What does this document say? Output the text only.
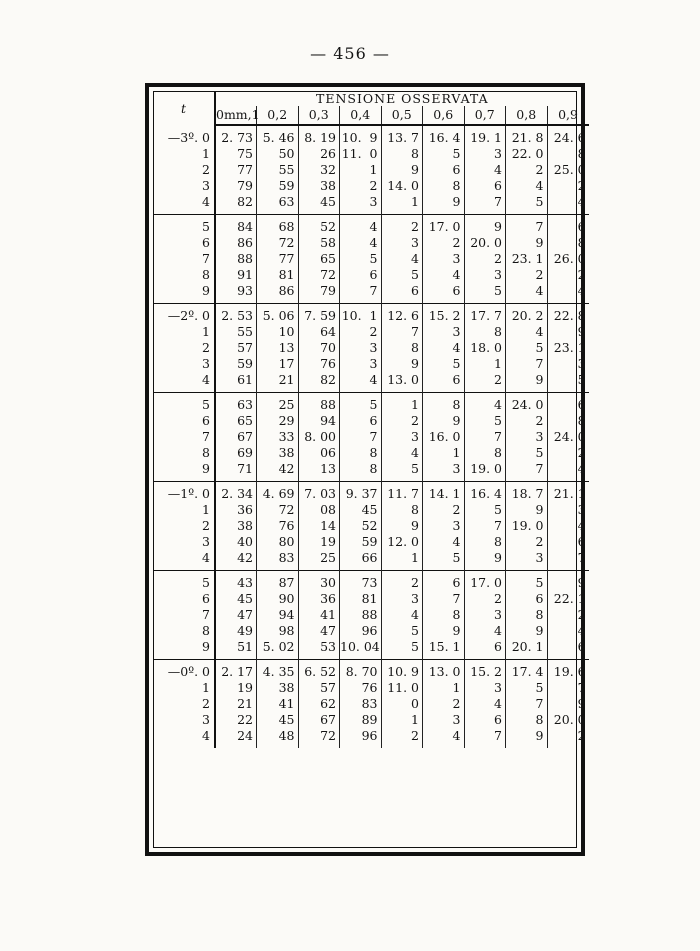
— 456 —
t	TENSIONE OSSERVATA								
	0mm,1	0,2	0,3	0,4	0,5	0,6	0,7	0,8	0,9
—3º. 0	2. 73	5. 46	8. 19	10.  9	13. 7	16. 4	19. 1	21. 8	24. 6
1	75	50	26	11.  0	8	5	3	22. 0	8
2	77	55	32	1	9	6	4	2	25. 0
3	79	59	38	2	14. 0	8	6	4	2
4	82	63	45	3	1	9	7	5	4
5	84	68	52	4	2	17. 0	9	7	6
6	86	72	58	4	3	2	20. 0	9	8
7	88	77	65	5	4	3	2	23. 1	26. 0
8	91	81	72	6	5	4	3	2	2
9	93	86	79	7	6	6	5	4	4
—2º. 0	2. 53	5. 06	7. 59	10.  1	12. 6	15. 2	17. 7	20. 2	22. 8
1	55	10	64	2	7	3	8	4	9
2	57	13	70	3	8	4	18. 0	5	23. 1
3	59	17	76	3	9	5	1	7	3
4	61	21	82	4	13. 0	6	2	9	5
5	63	25	88	5	1	8	4	24. 0	6
6	65	29	94	6	2	9	5	2	8
7	67	33	8. 00	7	3	16. 0	7	3	24. 0
8	69	38	06	8	4	1	8	5	2
9	71	42	13	8	5	3	19. 0	7	4
—1º. 0	2. 34	4. 69	7. 03	9. 37	11. 7	14. 1	16. 4	18. 7	21. 1
1	36	72	08	45	8	2	5	9	3
2	38	76	14	52	9	3	7	19. 0	4
3	40	80	19	59	12. 0	4	8	2	6
4	42	83	25	66	1	5	9	3	7
5	43	87	30	73	2	6	17. 0	5	9
6	45	90	36	81	3	7	2	6	22. 1
7	47	94	41	88	4	8	3	8	2
8	49	98	47	96	5	9	4	9	4
9	51	5. 02	53	10. 04	5	15. 1	6	20. 1	6
—0º. 0	2. 17	4. 35	6. 52	8. 70	10. 9	13. 0	15. 2	17. 4	19. 6
1	19	38	57	76	11. 0	1	3	5	7
2	21	41	62	83	0	2	4	7	9
3	22	45	67	89	1	3	6	8	20. 0
4	24	48	72	96	2	4	7	9	2
